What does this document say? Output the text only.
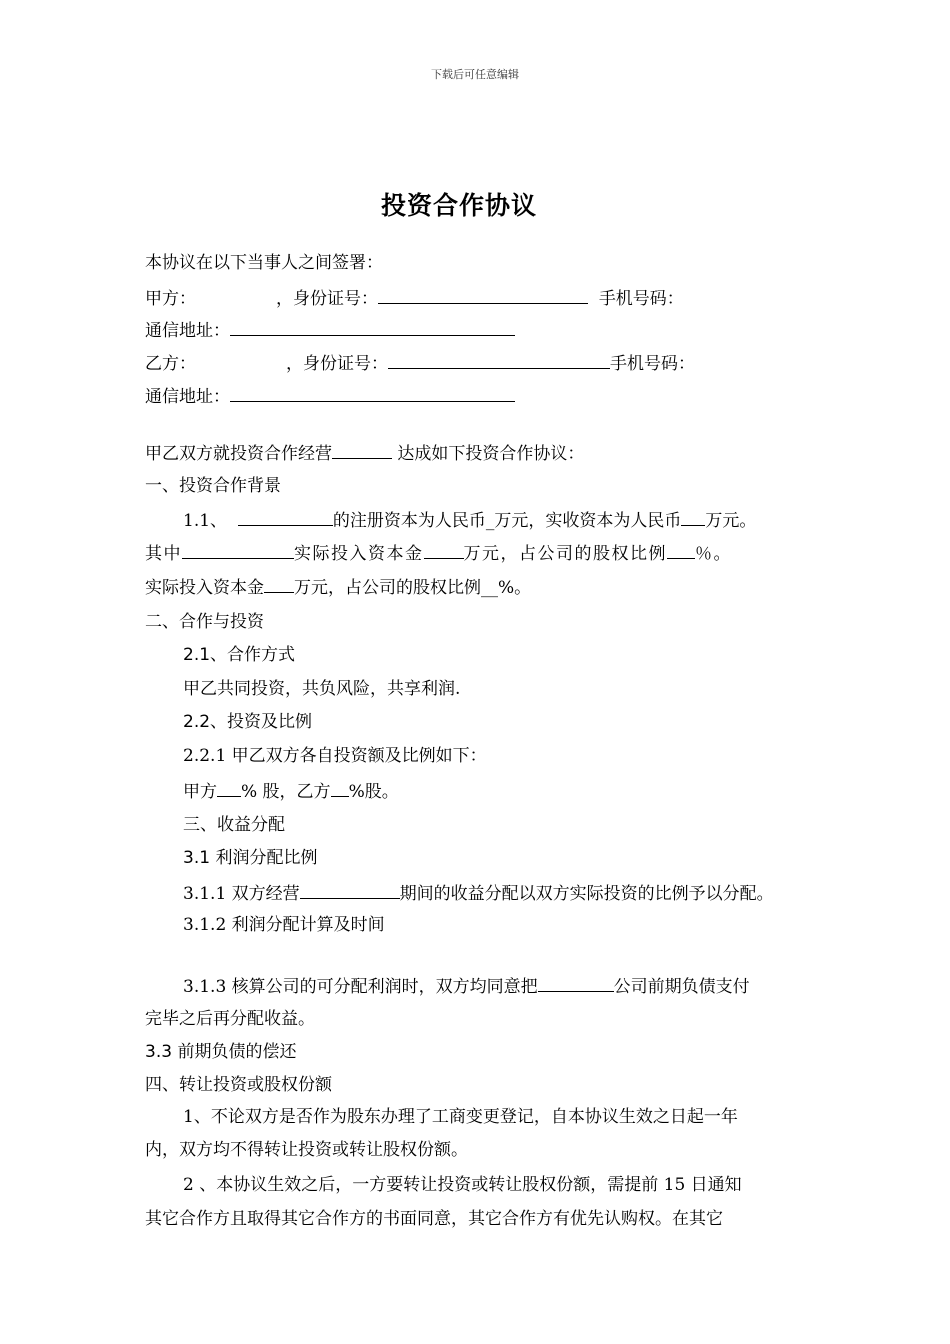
下载后可任意编辑
投资合作协议
本协议在以下当事人之间签署：
甲方：	，身份证号：	手机号码：
通信地址：
乙方：	，身份证号：	手机号码：
通信地址：
甲乙双方就投资合作经营	达成如下投资合作协议：
一、投资合作背景
1.1、	的注册资本为人民币_万元，实收资本为人民币 万元。
其中	实际投入资本金 万元，占公司的股权比例 ％。
实际投入资本金 万元，占公司的股权比例__%。
二、合作与投资
2.1、合作方式
甲乙共同投资，共负风险，共享利润.
2.2、投资及比例
2.2.1 甲乙双方各自投资额及比例如下：
甲方 % 股，乙方 %股。
三、收益分配
3.1 利润分配比例
3.1.1 双方经营	期间的收益分配以双方实际投资的比例予以分配。
3.1.2 利润分配计算及时间
3.1.3 核算公司的可分配利润时，双方均同意把	公司前期负债支付
完毕之后再分配收益。
3.3 前期负债的偿还
四、转让投资或股权份额
1、不论双方是否作为股东办理了工商变更登记，自本协议生效之日起一年
内，双方均不得转让投资或转让股权份额。
2 、本协议生效之后，一方要转让投资或转让股权份额，需提前 15 日通知
其它合作方且取得其它合作方的书面同意，其它合作方有优先认购权。在其它
